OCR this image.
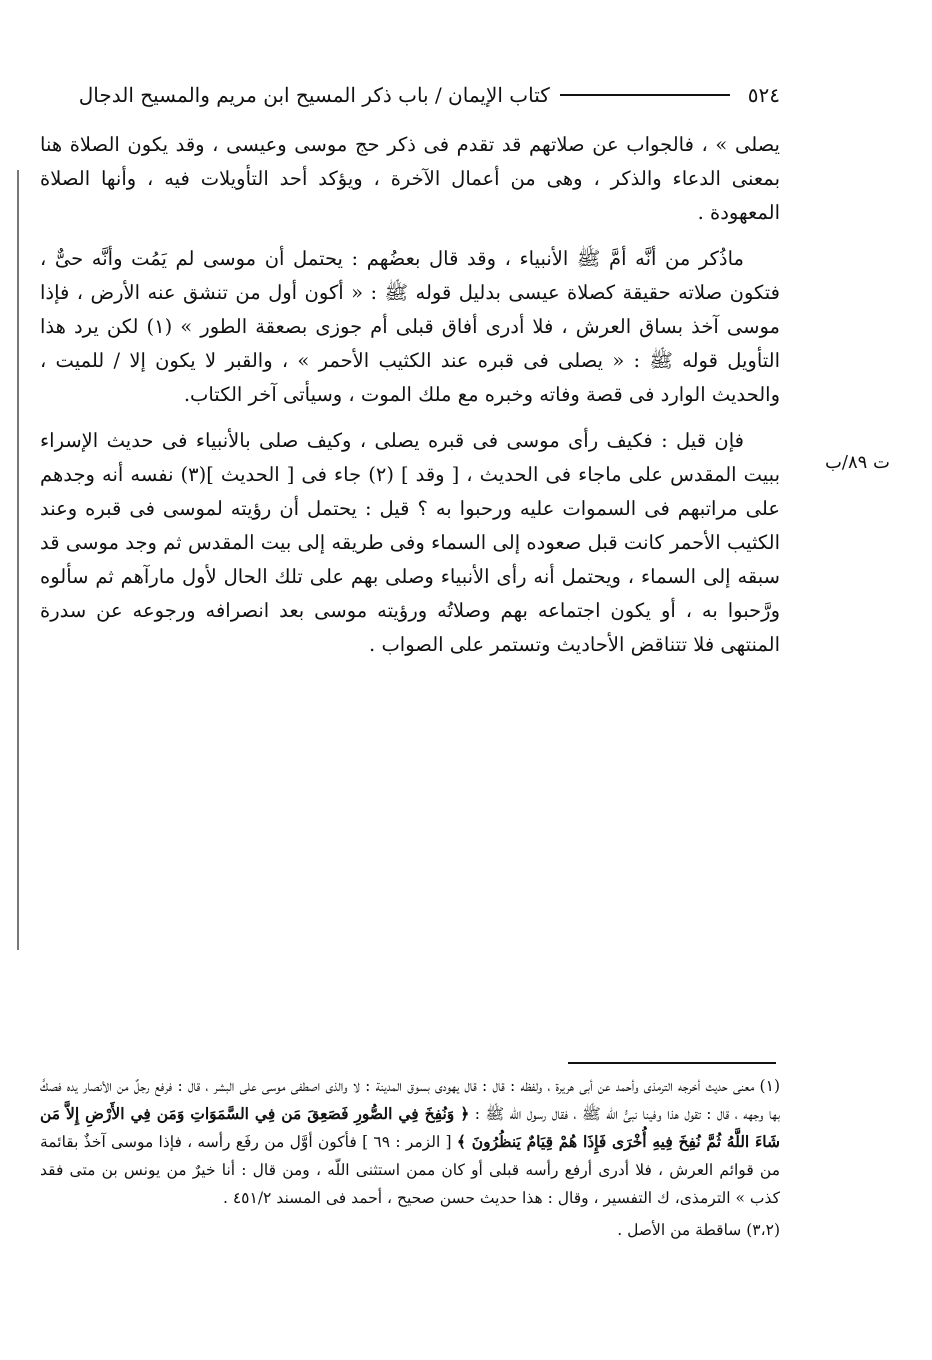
٥٢٤
كتاب الإيمان / باب ذكر المسيح ابن مريم والمسيح الدجال

يصلى » ، فالجواب عن صلاتهم قد تقدم فى ذكر حج موسى وعيسى ، وقد يكون الصلاة هنا بمعنى الدعاء والذكر ، وهى من أعمال الآخرة ، ويؤكد أحد التأويلات فيه ، وأنها الصلاة المعهودة .

ماذُكر من أنَّه أمَّ ﷺ الأنبياء ، وقد قال بعضُهم : يحتمل أن موسى لم يَمُت وأنَّه حىٌّ ، فتكون صلاته حقيقة كصلاة عيسى بدليل قوله ﷺ : « أكون أول من تنشق عنه الأرض ، فإذا موسى آخذ بساق العرش ، فلا أدرى أفاق قبلى أم جوزى بصعقة الطور » (١) لكن يرد هذا التأويل قوله ﷺ : « يصلى فى قبره عند الكثيب الأحمر » ، والقبر لا يكون إلا / للميت ، والحديث الوارد فى قصة وفاته وخبره مع ملك الموت ، وسيأتى آخر الكتاب.

فإن قيل : فكيف رأى موسى فى قبره يصلى ، وكيف صلى بالأنبياء فى حديث الإسراء ببيت المقدس على ماجاء فى الحديث ، [ وقد ] (٢) جاء فى [ الحديث ](٣) نفسه أنه وجدهم على مراتبهم فى السموات عليه ورحبوا به ؟ قيل : يحتمل أن رؤيته لموسى فى قبره وعند الكثيب الأحمر كانت قبل صعوده إلى السماء وفى طريقه إلى بيت المقدس ثم وجد موسى قد سبقه إلى السماء ، ويحتمل أنه رأى الأنبياء وصلى بهم على تلك الحال لأول مارآهم ثم سألوه ورَّحبوا به ، أو يكون اجتماعه بهم وصلاتُه ورؤيته موسى بعد انصرافه ورجوعه عن سدرة المنتهى فلا تتناقض الأحاديث وتستمر على الصواب .

ت ٨٩/ب

(١) معنى حديث أخرجه الترمذى وأحمد عن أبى هريرة ، ولفظه : قال : قال يهودى بسوق المدينة : لا والذى اصطفى موسى على البشر ، قال : فرفع رجلٌ من الأنصار يده فصكَّ بها وجهه ، قال : تقول هذا وفينا نبىُّ الله ﷺ ، فقال رسول الله ﷺ : ﴿ وَنُفِخَ فِي الصُّورِ فَصَعِقَ مَن فِي السَّمَوَاتِ وَمَن فِي الأَرْضِ إِلاَّ مَن شَاءَ اللَّهُ ثُمَّ نُفِخَ فِيهِ أُخْرَى فَإِذَا هُمْ قِيَامٌ يَنظُرُونَ ﴾ [ الزمر : ٦٩ ] فأكون أوَّل من رفَع رأسه ، فإذا موسى آخذٌ بقائمة من قوائم العرش ، فلا أدرى أرفع رأسه قبلى أو كان ممن استثنى اللّه ، ومن قال : أنا خيرٌ من يونس بن متى فقد كذب » الترمذى، ك التفسير ، وقال : هذا حديث حسن صحيح ، أحمد فى المسند ٤٥١/٢ .

(٣،٢) ساقطة من الأصل .
